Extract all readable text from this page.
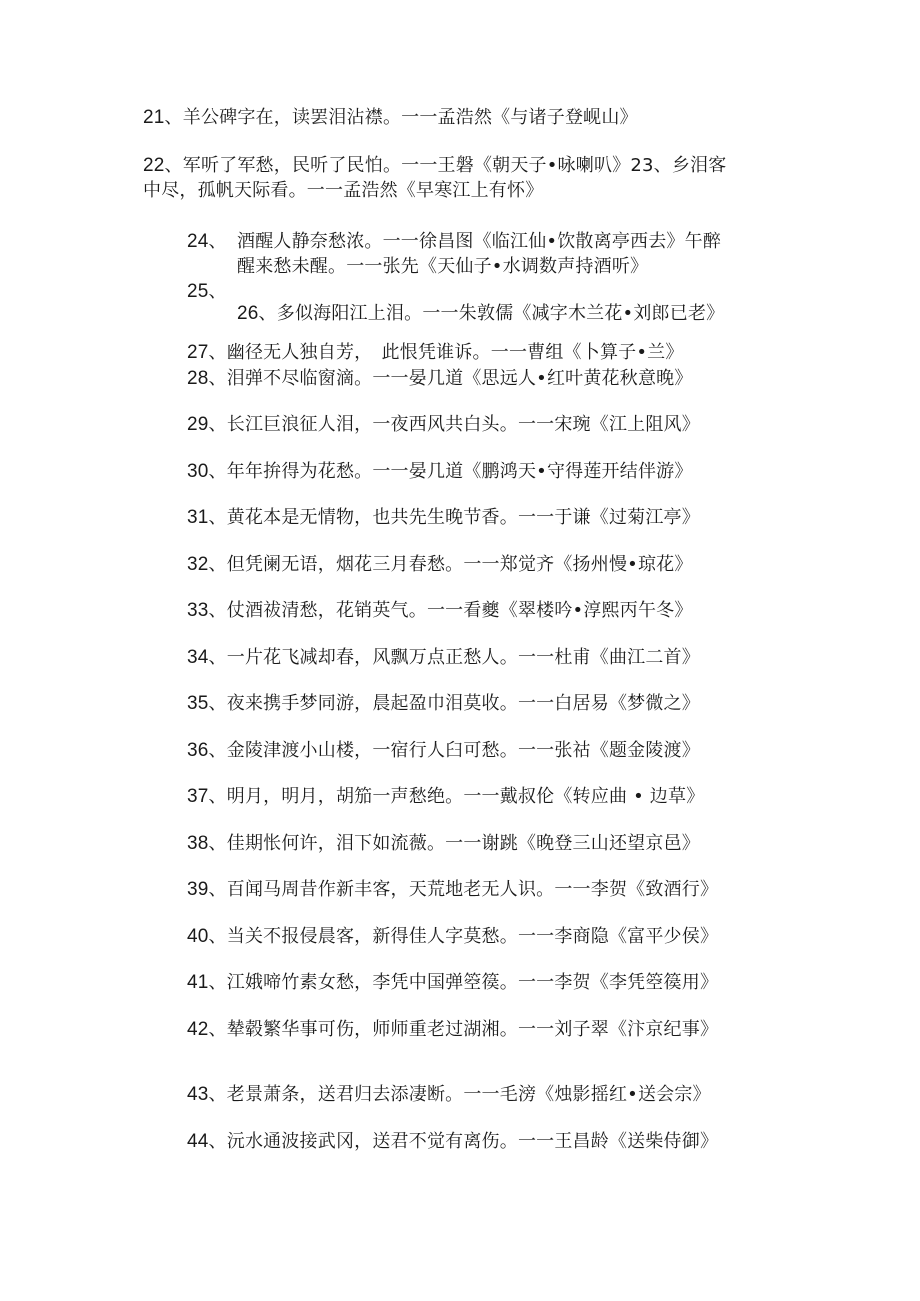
21、羊公碑字在，读罢泪沾襟。一一孟浩然《与诸子登岘山》
22、军听了军愁，民听了民怕。一一王磐《朝天子•咏喇叭》23、乡泪客
中尽，孤帆天际看。一一孟浩然《早寒江上有怀》
24、 酒醒人静奈愁浓。一一徐昌图《临江仙•饮散离亭西去》午醉
醒来愁未醒。一一张先《天仙子•水调数声持酒听》
25、
26、多似海阳江上泪。一一朱敦儒《减字木兰花•刘郎已老》
27、幽径无人独自芳，　此恨凭谁诉。一一曹组《卜算子•兰》
28、泪弹不尽临窗滴。一一晏几道《思远人•红叶黄花秋意晚》
29、长江巨浪征人泪，一夜西风共白头。一一宋琬《江上阻风》
30、年年拚得为花愁。一一晏几道《鹏鸿天•守得莲开结伴游》
31、黄花本是无情物，也共先生晚节香。一一于谦《过菊江亭》
32、但凭阑无语，烟花三月春愁。一一郑觉齐《扬州慢•琼花》
33、仗酒祓清愁，花销英气。一一看夔《翠楼吟•淳熙丙午冬》
34、一片花飞减却春，风飘万点正愁人。一一杜甫《曲江二首》
35、夜来携手梦同游，晨起盈巾泪莫收。一一白居易《梦微之》
36、金陵津渡小山楼，一宿行人臼可愁。一一张祜《题金陵渡》
37、明月，明月，胡笳一声愁绝。一一戴叔伦《转应曲 • 边草》
38、佳期怅何许，泪下如流薇。一一谢跳《晚登三山还望京邑》
39、百闻马周昔作新丰客，天荒地老无人识。一一李贺《致酒行》
40、当关不报侵晨客，新得佳人字莫愁。一一李商隐《富平少侯》
41、江娥啼竹素女愁，李凭中国弹箜篌。一一李贺《李凭箜篌用》
42、辇毂繁华事可伤，师师重老过湖湘。一一刘子翠《汴京纪事》
43、老景萧条，送君归去添凄断。一一毛滂《烛影摇红•送会宗》
44、沅水通波接武冈，送君不觉有离伤。一一王昌龄《送柴侍御》
